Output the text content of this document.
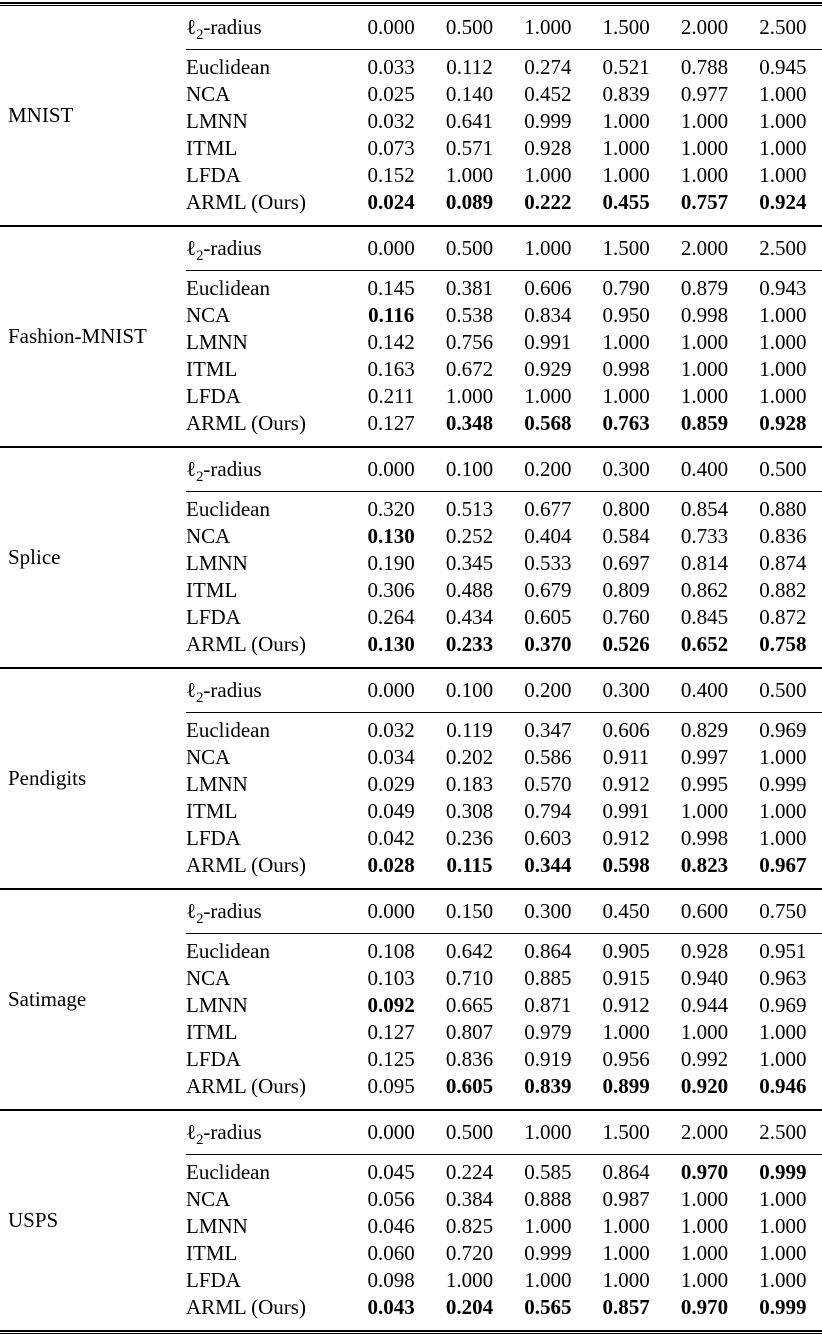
MNIST	ℓ$_2$-radius	0.000	0.500	1.000	1.500	2.000	2.500
	Euclidean	0.033	0.112	0.274	0.521	0.788	0.945
	NCA	0.025	0.140	0.452	0.839	0.977	1.000
	LMNN	0.032	0.641	0.999	1.000	1.000	1.000
	ITML	0.073	0.571	0.928	1.000	1.000	1.000
	LFDA	0.152	1.000	1.000	1.000	1.000	1.000
	ARML (Ours)	0.024	0.089	0.222	0.455	0.757	0.924
Fashion-MNIST	ℓ$_2$-radius	0.000	0.500	1.000	1.500	2.000	2.500
	Euclidean	0.145	0.381	0.606	0.790	0.879	0.943
	NCA	0.116	0.538	0.834	0.950	0.998	1.000
	LMNN	0.142	0.756	0.991	1.000	1.000	1.000
	ITML	0.163	0.672	0.929	0.998	1.000	1.000
	LFDA	0.211	1.000	1.000	1.000	1.000	1.000
	ARML (Ours)	0.127	0.348	0.568	0.763	0.859	0.928
Splice	ℓ$_2$-radius	0.000	0.100	0.200	0.300	0.400	0.500
	Euclidean	0.320	0.513	0.677	0.800	0.854	0.880
	NCA	0.130	0.252	0.404	0.584	0.733	0.836
	LMNN	0.190	0.345	0.533	0.697	0.814	0.874
	ITML	0.306	0.488	0.679	0.809	0.862	0.882
	LFDA	0.264	0.434	0.605	0.760	0.845	0.872
	ARML (Ours)	0.130	0.233	0.370	0.526	0.652	0.758
Pendigits	ℓ$_2$-radius	0.000	0.100	0.200	0.300	0.400	0.500
	Euclidean	0.032	0.119	0.347	0.606	0.829	0.969
	NCA	0.034	0.202	0.586	0.911	0.997	1.000
	LMNN	0.029	0.183	0.570	0.912	0.995	0.999
	ITML	0.049	0.308	0.794	0.991	1.000	1.000
	LFDA	0.042	0.236	0.603	0.912	0.998	1.000
	ARML (Ours)	0.028	0.115	0.344	0.598	0.823	0.967
Satimage	ℓ$_2$-radius	0.000	0.150	0.300	0.450	0.600	0.750
	Euclidean	0.108	0.642	0.864	0.905	0.928	0.951
	NCA	0.103	0.710	0.885	0.915	0.940	0.963
	LMNN	0.092	0.665	0.871	0.912	0.944	0.969
	ITML	0.127	0.807	0.979	1.000	1.000	1.000
	LFDA	0.125	0.836	0.919	0.956	0.992	1.000
	ARML (Ours)	0.095	0.605	0.839	0.899	0.920	0.946
USPS	ℓ$_2$-radius	0.000	0.500	1.000	1.500	2.000	2.500
	Euclidean	0.045	0.224	0.585	0.864	0.970	0.999
	NCA	0.056	0.384	0.888	0.987	1.000	1.000
	LMNN	0.046	0.825	1.000	1.000	1.000	1.000
	ITML	0.060	0.720	0.999	1.000	1.000	1.000
	LFDA	0.098	1.000	1.000	1.000	1.000	1.000
	ARML (Ours)	0.043	0.204	0.565	0.857	0.970	0.999
